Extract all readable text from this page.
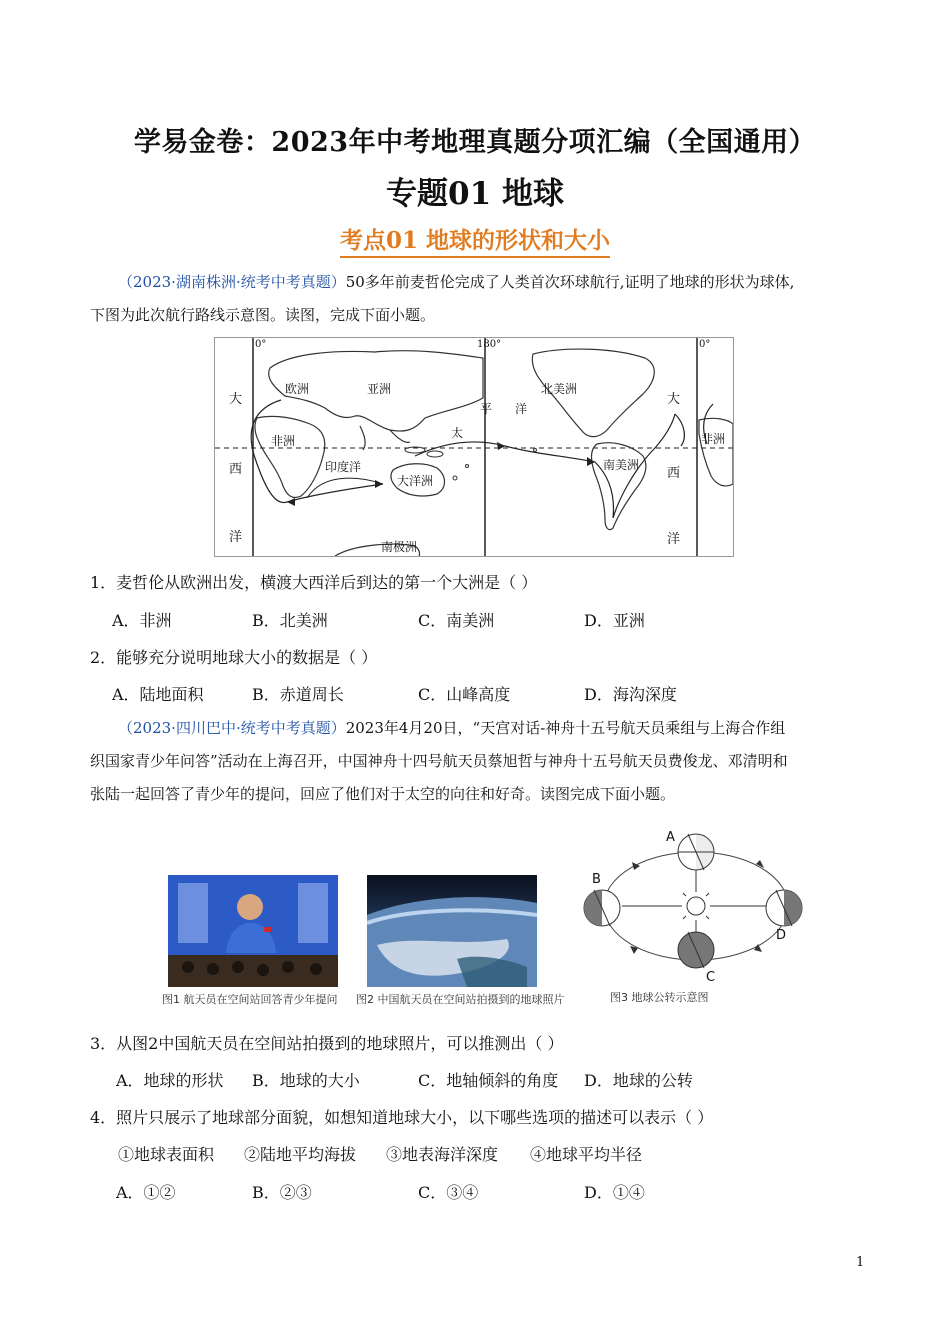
学易金卷：2023年中考地理真题分项汇编（全国通用）
专题01 地球
考点01 地球的形状和大小
（2023·湖南株洲·统考中考真题）50多年前麦哲伦完成了人类首次环球航行,证明了地球的形状为球体,
下图为此次航行路线示意图。读图，完成下面小题。
0°	180°	0°
欧洲	亚洲
非洲
印度洋
大洋洲
太
平 洋
北美洲
南美洲
非洲
南极洲
大
西
洋
大
西
洋
1．麦哲伦从欧洲出发，横渡大西洋后到达的第一个大洲是（ ）
A．非洲	B．北美洲	C．南美洲	D．亚洲
2．能够充分说明地球大小的数据是（ ）
A．陆地面积	B．赤道周长	C．山峰高度	D．海沟深度
（2023·四川巴中·统考中考真题）2023年4月20日，“天宫对话-神舟十五号航天员乘组与上海合作组
织国家青少年问答”活动在上海召开，中国神舟十四号航天员蔡旭哲与神舟十五号航天员费俊龙、邓清明和
张陆一起回答了青少年的提问，回应了他们对于太空的向往和好奇。读图完成下面小题。
图1 航天员在空间站回答青少年提问 图2 中国航天员在空间站拍摄到的地球照片
A
B
C
D
图3 地球公转示意图
3．从图2中国航天员在空间站拍摄到的地球照片，可以推测出（ ）
A．地球的形状 B．地球的大小	C．地轴倾斜的角度 D．地球的公转
4．照片只展示了地球部分面貌，如想知道地球大小，以下哪些选项的描述可以表示（ ）
①地球表面积 ②陆地平均海拔 ③地表海洋深度 ④地球平均半径
A．①②	B．②③	C．③④	D．①④
1
